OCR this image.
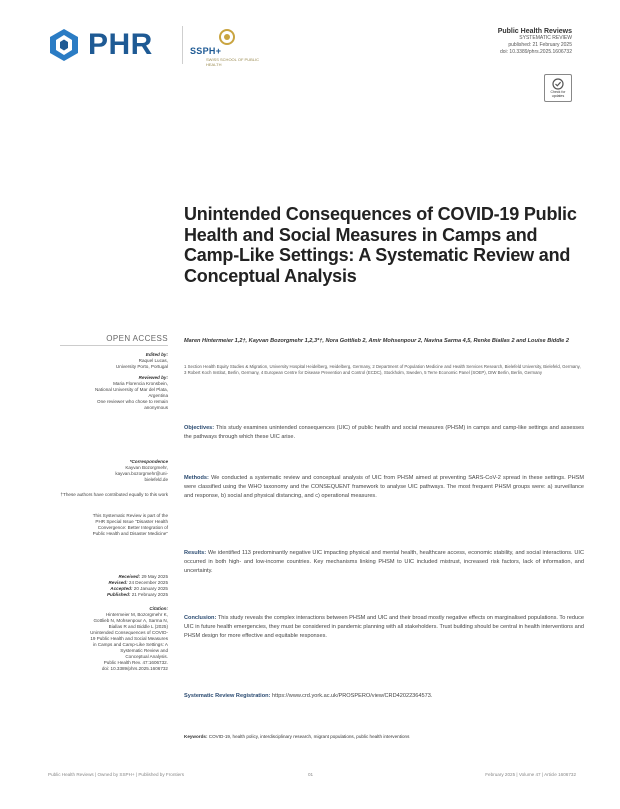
PHR	SSPH+
SWISS SCHOOL OF PUBLIC HEALTH
Public Health Reviews
SYSTEMATIC REVIEW
published: 21 February 2025
doi: 10.3389/phrs.2025.1606732
Check for updates
Unintended Consequences of COVID-19 Public Health and Social Measures in Camps and Camp-Like Settings: A Systematic Review and Conceptual Analysis
OPEN ACCESS
Edited by:
Raquel Lucas,
University Porto, Portugal
Reviewed by:
Maria Florencia Kronsbein,
National University of Mar del Plata,
Argentina
One reviewer who chose to remain
anonymous
*Correspondence
Kayvan Bozorgmehr,
kayvan.bozorgmehr@uni-
bielefeld.de
†These authors have contributed equally to this work
This Systematic Review is part of the
PHR Special Issue "Disaster Health
Convergence: Better Integration of
Public Health and Disaster Medicine"
Received: 29 May 2025
Revised: 24 December 2025
Accepted: 20 January 2025
Published: 21 February 2025
Citation:
Hintermeier M, Bozorgmehr K,
Gottlieb N, Mohsenpour A, Sarma N,
Biallas R and Biddle L (2025)
Unintended Consequences of COVID-
19 Public Health and Social Measures
in Camps and Camp-Like Settings: A
Systematic Review and
Conceptual Analysis.
Public Health Rev. 47:1606732.
doi: 10.3389/phrs.2025.1606732
Maren Hintermeier 1,2†, Kayvan Bozorgmehr 1,2,3*†, Nora Gottlieb 2, Amir Mohsenpour 2, Navina Sarma 4,5, Renke Biallas 2 and Louise Biddle 2
1 Section Health Equity Studies & Migration, University Hospital Heidelberg, Heidelberg, Germany, 2 Department of Population Medicine and Health Services Research, Bielefeld University, Bielefeld, Germany, 3 Robert Koch Institut, Berlin, Germany, 4 European Centre for Disease Prevention and Control (ECDC), Stockholm, Sweden, 5 Terre Economic Panel (SOEP), DIW Berlin, Berlin, Germany
Objectives: This study examines unintended consequences (UIC) of public health and social measures (PHSM) in camps and camp-like settings and assesses the pathways through which these UIC arise.
Methods: We conducted a systematic review and conceptual analysis of UIC from PHSM aimed at preventing SARS-CoV-2 spread in these settings. PHSM were classified using the WHO taxonomy and the CONSEQUENT framework to analyse UIC pathways. The most frequent PHSM groups were: a) surveillance and response, b) social and physical distancing, and c) operational measures.
Results: We identified 113 predominantly negative UIC impacting physical and mental health, healthcare access, economic stability, and social interactions. UIC occurred in both high- and low-income countries. Key mechanisms linking PHSM to UIC included mistrust, increased risk factors, lack of information, and uncertainty.
Conclusion: This study reveals the complex interactions between PHSM and UIC and their broad mostly negative effects on marginalised populations. To reduce UIC in future health emergencies, they must be considered in pandemic planning with all stakeholders. Trust building should be central in health interventions and PHSM design for more effective and equitable responses.
Systematic Review Registration: https://www.crd.york.ac.uk/PROSPERO/view/CRD42022364573.
Keywords: COVID-19, health policy, interdisciplinary research, migrant populations, public health interventions
Public Health Reviews | Owned by SSPH+ | Published by Frontiers	01	February 2025 | Volume 47 | Article 1606732
